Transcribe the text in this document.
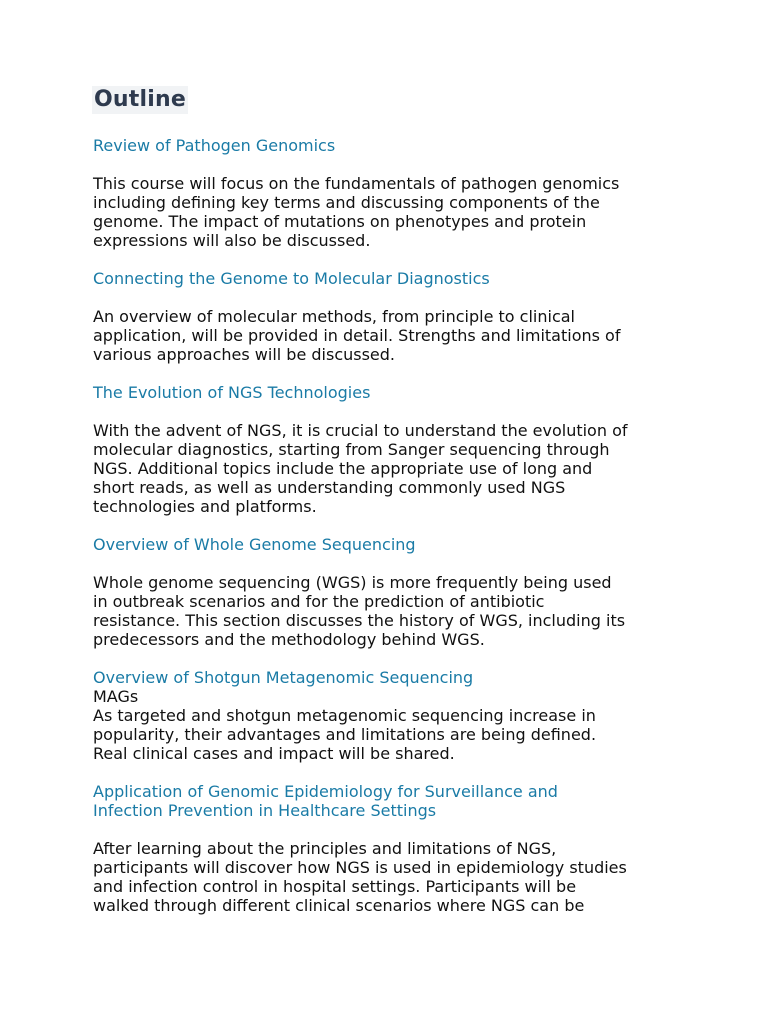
Outline

Review of Pathogen Genomics

This course will focus on the fundamentals of pathogen genomics
including defining key terms and discussing components of the
genome. The impact of mutations on phenotypes and protein
expressions will also be discussed.

Connecting the Genome to Molecular Diagnostics

An overview of molecular methods, from principle to clinical
application, will be provided in detail. Strengths and limitations of
various approaches will be discussed.

The Evolution of NGS Technologies

With the advent of NGS, it is crucial to understand the evolution of
molecular diagnostics, starting from Sanger sequencing through
NGS. Additional topics include the appropriate use of long and
short reads, as well as understanding commonly used NGS
technologies and platforms.

Overview of Whole Genome Sequencing

Whole genome sequencing (WGS) is more frequently being used
in outbreak scenarios and for the prediction of antibiotic
resistance. This section discusses the history of WGS, including its
predecessors and the methodology behind WGS.

Overview of Shotgun Metagenomic Sequencing

MAGs

As targeted and shotgun metagenomic sequencing increase in
popularity, their advantages and limitations are being defined.
Real clinical cases and impact will be shared.

Application of Genomic Epidemiology for Surveillance and
Infection Prevention in Healthcare Settings

After learning about the principles and limitations of NGS,
participants will discover how NGS is used in epidemiology studies
and infection control in hospital settings. Participants will be
walked through different clinical scenarios where NGS can be
